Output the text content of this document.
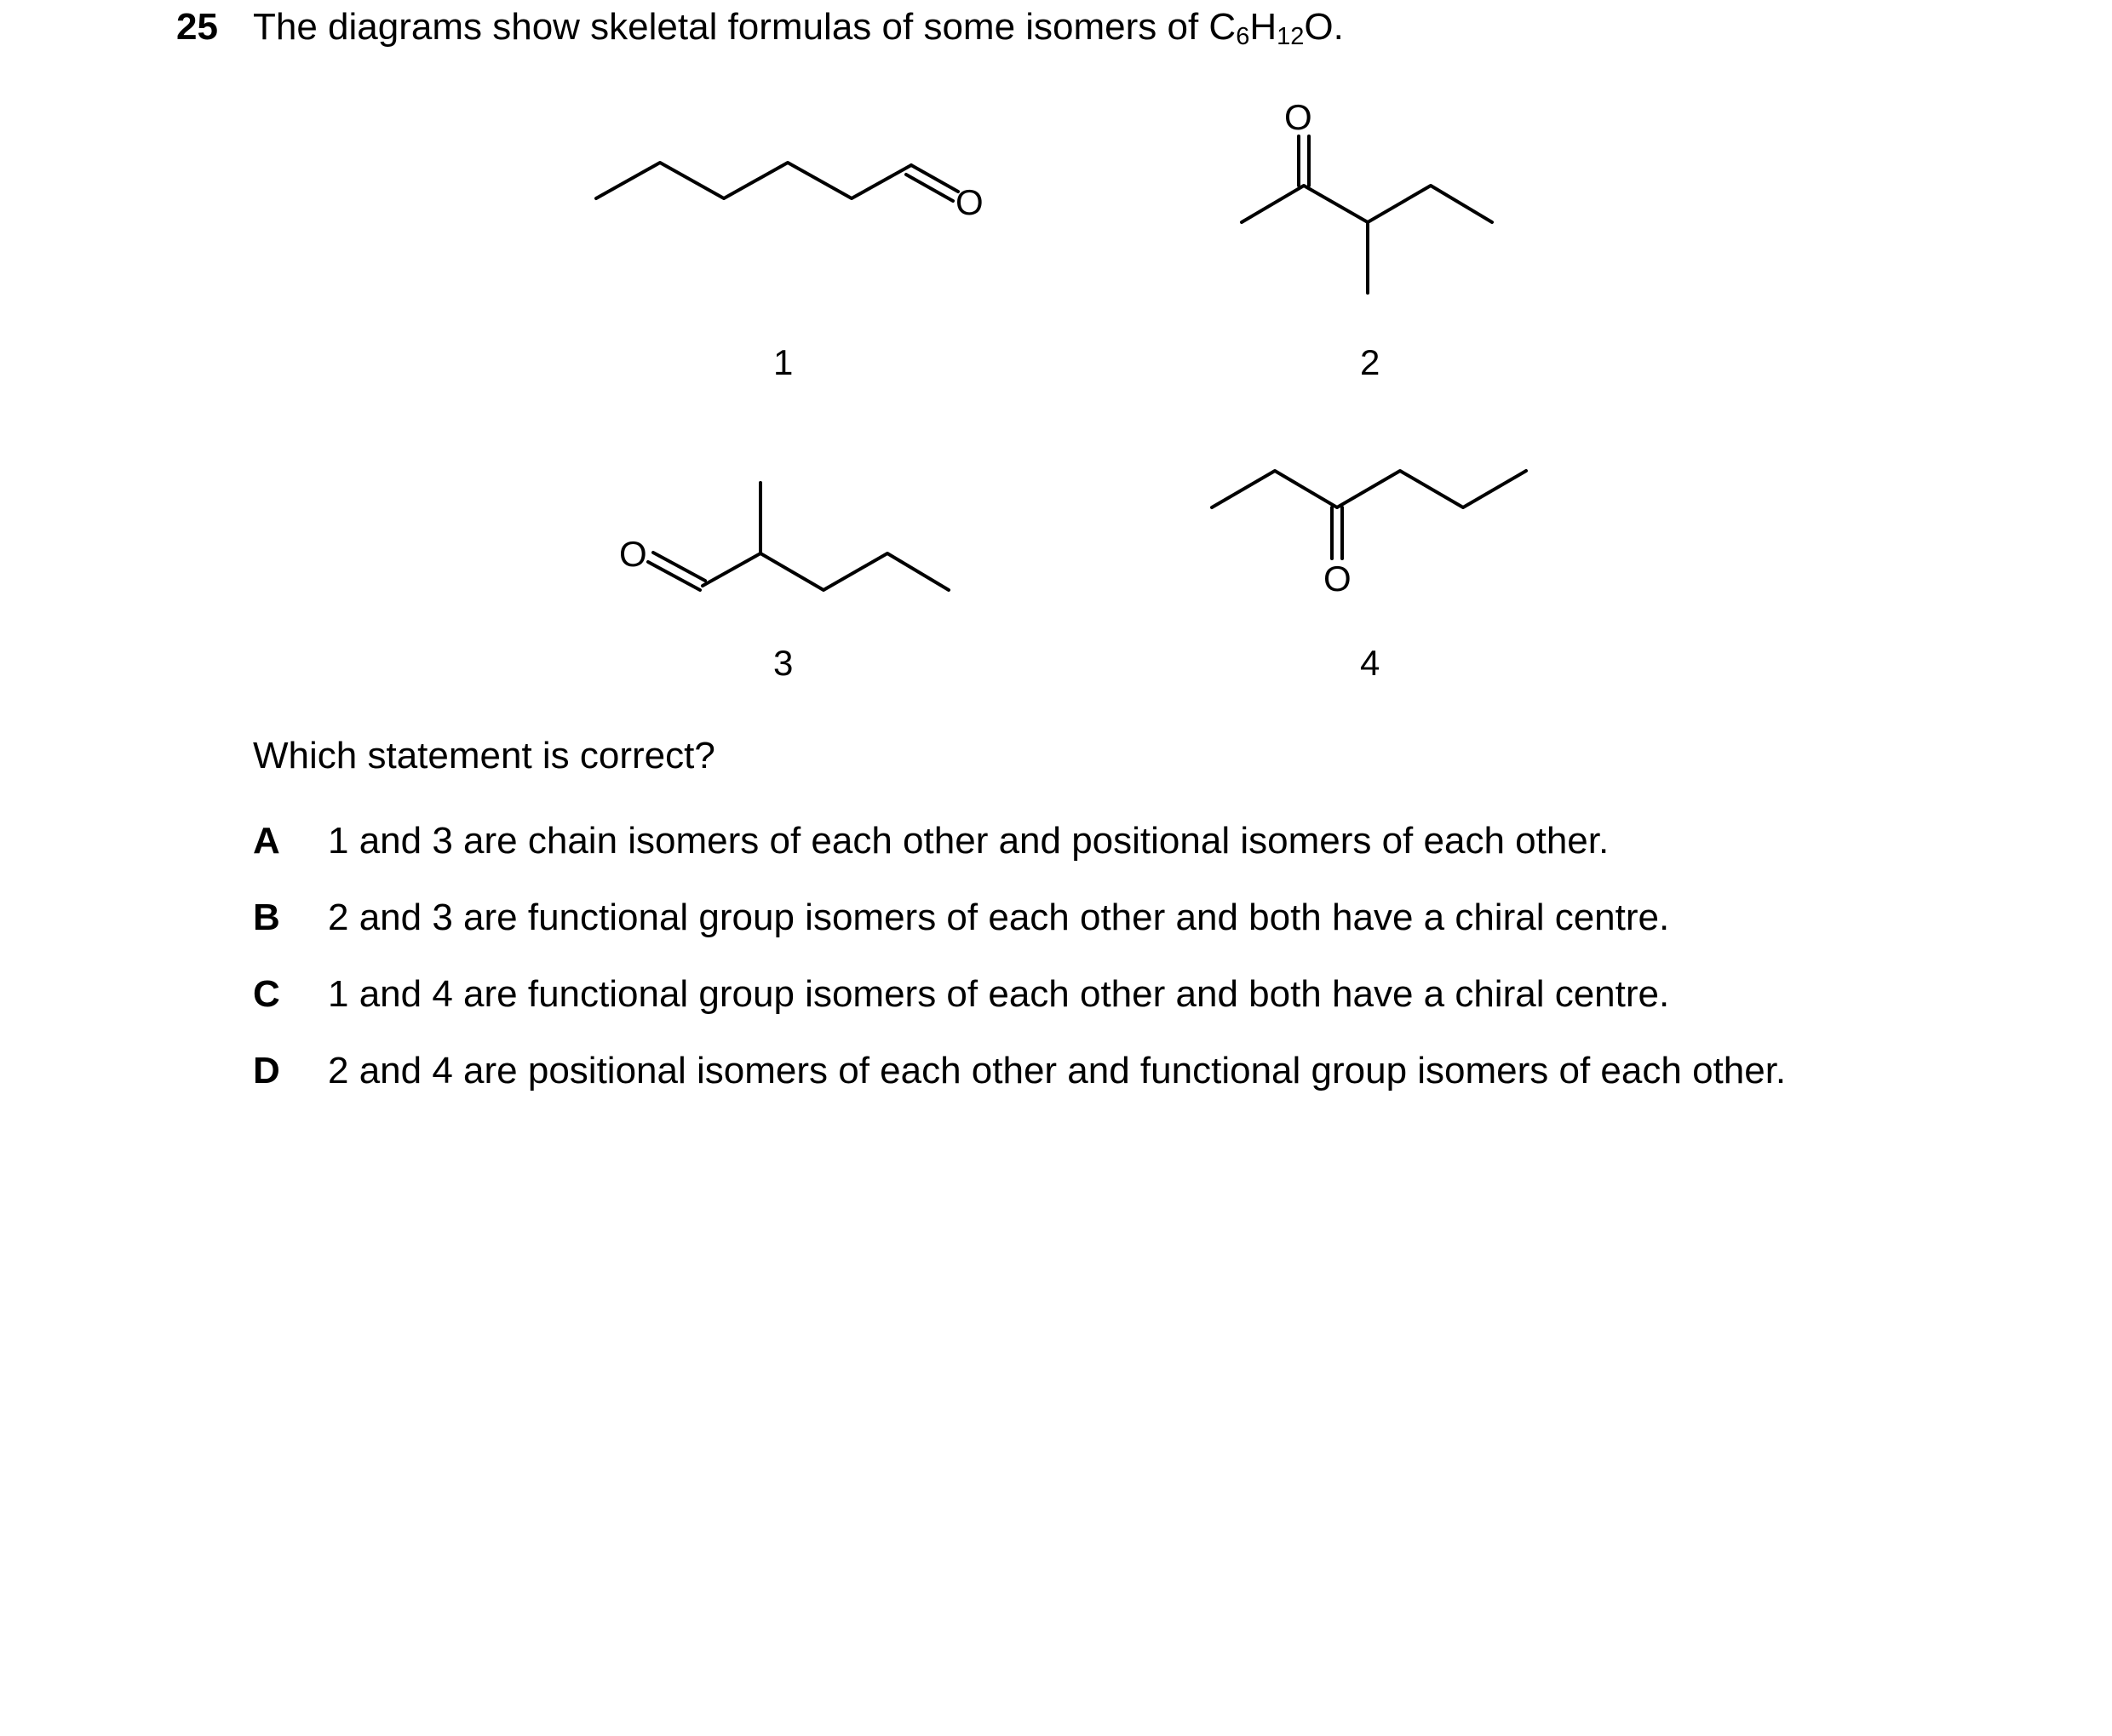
25 The diagrams show skeletal formulas of some isomers of $C_6H_{12}O$.
O
1
O
2
O
3
O
4
Which statement is correct?
A 1 and 3 are chain isomers of each other and positional isomers of each other.
B 2 and 3 are functional group isomers of each other and both have a chiral centre.
C 1 and 4 are functional group isomers of each other and both have a chiral centre.
D 2 and 4 are positional isomers of each other and functional group isomers of each other.
